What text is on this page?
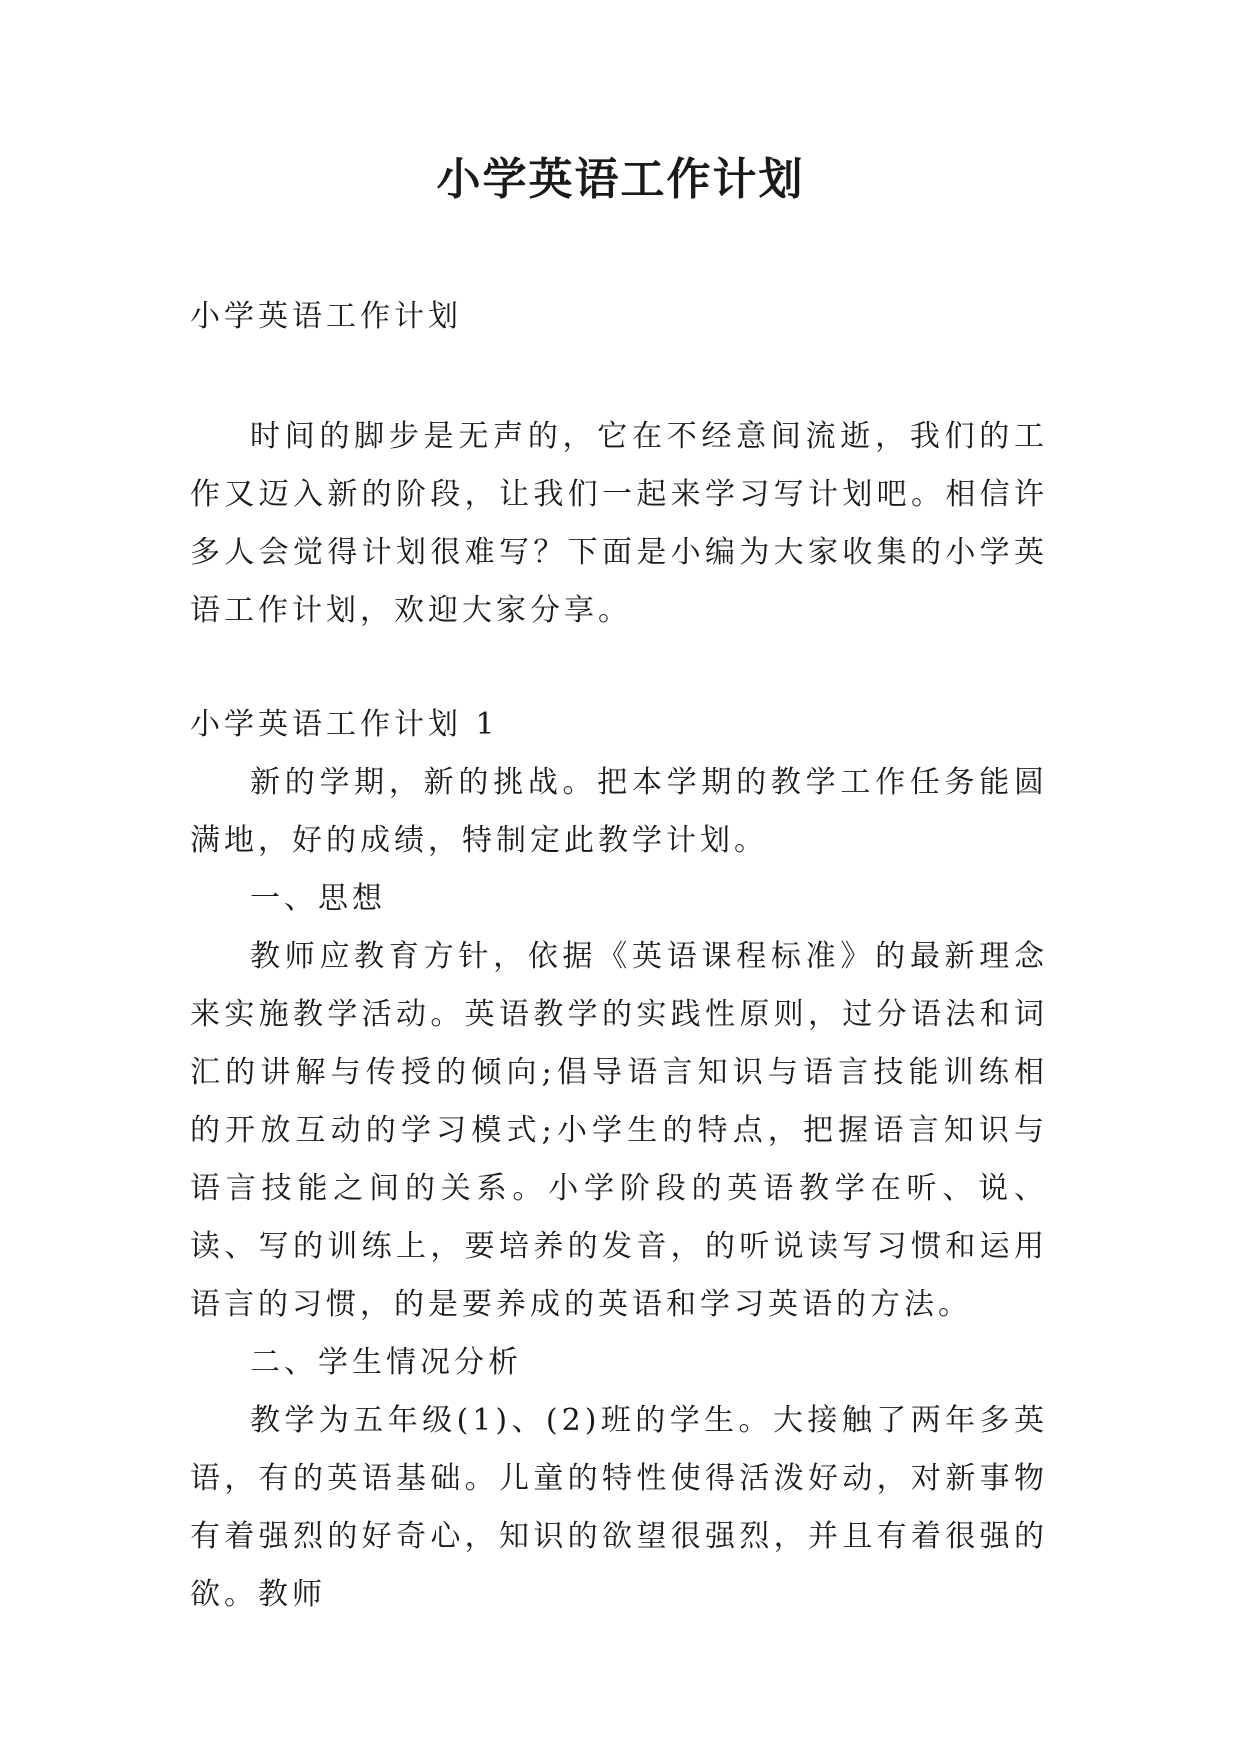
小学英语工作计划

小学英语工作计划

时间的脚步是无声的，它在不经意间流逝，我们的工作又迈入新的阶段，让我们一起来学习写计划吧。相信许多人会觉得计划很难写？下面是小编为大家收集的小学英语工作计划，欢迎大家分享。

小学英语工作计划 1

新的学期，新的挑战。把本学期的教学工作任务能圆满地，好的成绩，特制定此教学计划。

一、思想

教师应教育方针，依据《英语课程标准》的最新理念来实施教学活动。英语教学的实践性原则，过分语法和词汇的讲解与传授的倾向;倡导语言知识与语言技能训练相的开放互动的学习模式;小学生的特点，把握语言知识与语言技能之间的关系。小学阶段的英语教学在听、说、读、写的训练上，要培养的发音，的听说读写习惯和运用语言的习惯，的是要养成的英语和学习英语的方法。

二、学生情况分析

教学为五年级(1)、(2)班的学生。大接触了两年多英语，有的英语基础。儿童的特性使得活泼好动，对新事物有着强烈的好奇心，知识的欲望很强烈，并且有着很强的欲。教师
